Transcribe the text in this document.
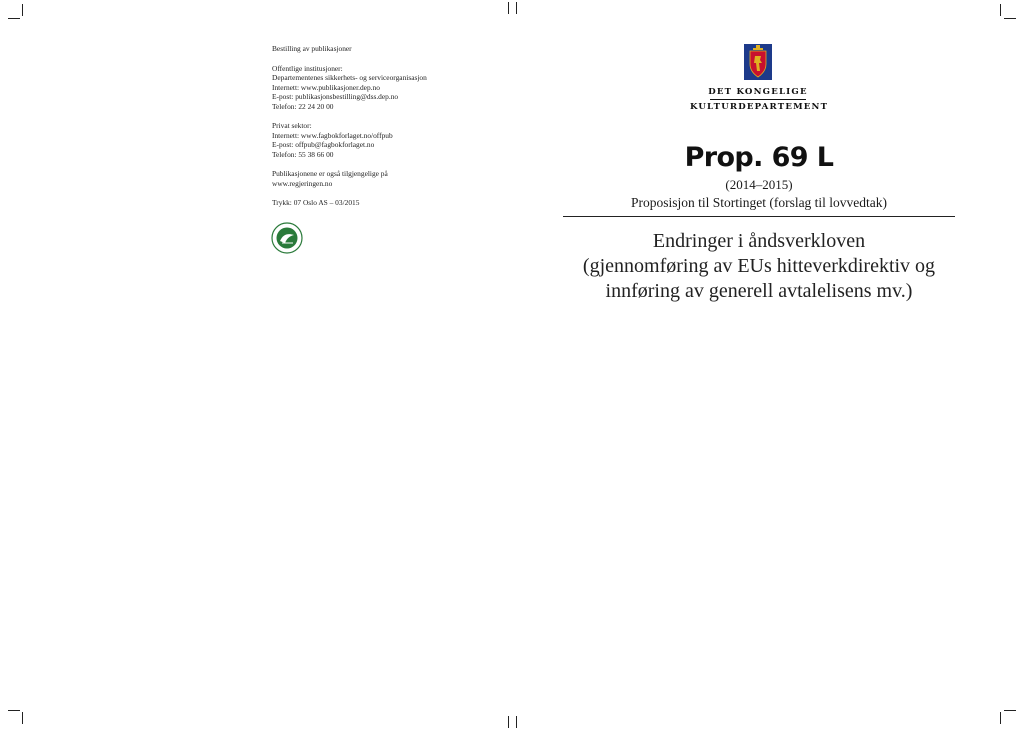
Bestilling av publikasjoner

Offentlige institusjoner:

Departementenes sikkerhets- og serviceorganisasjon

Internett: www.publikasjoner.dep.no

E-post: publikasjonsbestilling@dss.dep.no

Telefon: 22 24 20 00

Privat sektor:

Internett: www.fagbokforlaget.no/offpub

E-post: offpub@fagbokforlaget.no

Telefon: 55 38 66 00

Publikasjonene er også tilgjengelige på

www.regjeringen.no

Trykk: 07 Oslo AS – 03/2015

DET KONGELIGE
KULTURDEPARTEMENT
Prop. 69 L
(2014–2015)
Proposisjon til Stortinget (forslag til lovvedtak)
Endringer i åndsverkloven
(gjennomføring av EUs hitteverkdirektiv og
innføring av generell avtalelisens mv.)
